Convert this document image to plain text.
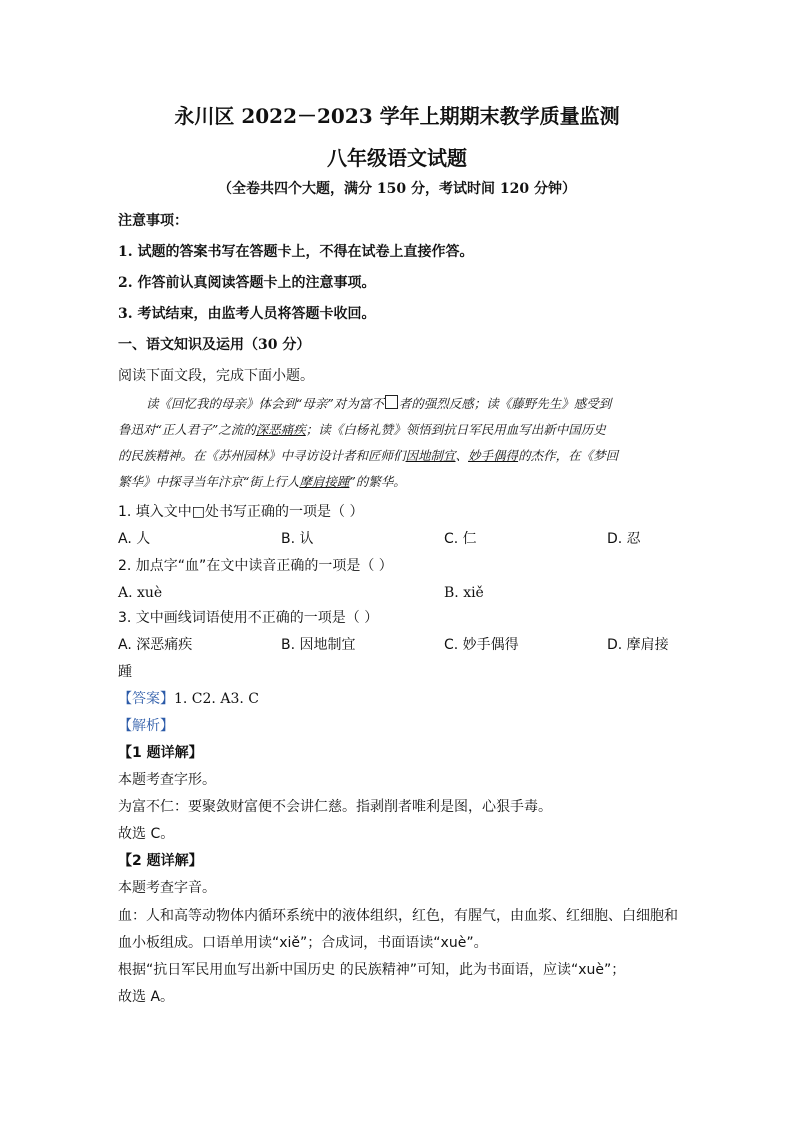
永川区 2022－2023 学年上期期末教学质量监测
八年级语文试题
（全卷共四个大题，满分 150 分，考试时间 120 分钟）
注意事项：
1. 试题的答案书写在答题卡上，不得在试卷上直接作答。
2. 作答前认真阅读答题卡上的注意事项。
3. 考试结束，由监考人员将答题卡收回。
一、语文知识及运用（30 分）
阅读下面文段，完成下面小题。
读《回忆我的母亲》体会到“母亲”对为富不 者的强烈反感；读《藤野先生》感受到
鲁迅对“正人君子”之流的深恶痛疾；读《白杨礼赞》领悟到抗日军民用血写出新中国历史
的民族精神。在《苏州园林》中寻访设计者和匠师们因地制宜、妙手偶得的杰作，在《梦回
繁华》中探寻当年汴京“街上行人摩肩接踵”的繁华。
1. 填入文中□处书写正确的一项是（ ）
A. 人	B. 认	C. 仁	D. 忍
2. 加点字“血”在文中读音正确的一项是（ ）
A. xuè	B. xiě
3. 文中画线词语使用不正确的一项是（ ）
A. 深恶痛疾	B. 因地制宜	C. 妙手偶得	D. 摩肩接
踵
【答案】1. C2. A3. C
【解析】
【1 题详解】
本题考查字形。
为富不仁：要聚敛财富便不会讲仁慈。指剥削者唯利是图，心狠手毒。
故选 C。
【2 题详解】
本题考查字音。
血：人和高等动物体内循环系统中的液体组织，红色，有腥气，由血浆、红细胞、白细胞和
血小板组成。口语单用读“xiě”；合成词，书面语读“xuè”。
根据“抗日军民用血写出新中国历史 的民族精神”可知，此为书面语，应读“xuè”；
故选 A。
